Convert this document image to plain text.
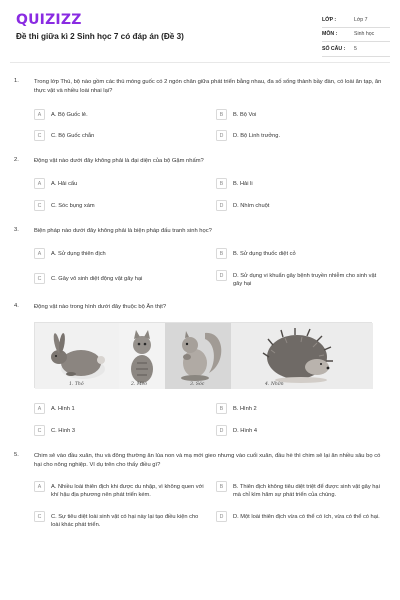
QUIZIZZ
Đề thi giữa kì 2 Sinh học 7 có đáp án (Đề 3)
LỚP :	Lớp 7
MÔN :	Sinh học
SỐ CÂU :	5
1.	Trong lớp Thú, bộ nào gồm các thú móng guốc có 2 ngón chân giữa phát triển bằng nhau, đa số sống thành bầy đàn, có loài ăn tạp, ăn thực vật và nhiều loài nhai lại?
A	A. Bộ Guốc lẻ.	B	B. Bộ Voi
C	C. Bộ Guốc chẵn	D	D. Bộ Linh trưởng.
2.	Động vật nào dưới đây không phải là đại diện của bộ Gặm nhấm?
A	A. Hải cẩu	B	B. Hải li
C	C. Sóc bụng xám	D	D. Nhím chuột
3.	Biện pháp nào dưới đây không phải là biện pháp đấu tranh sinh học?
A	A. Sử dụng thiên địch	B	B. Sử dụng thuốc diệt cỏ
C	C. Gây vô sinh diệt động vật gây hại	D	D. Sử dụng vi khuẩn gây bệnh truyền nhiễm cho sinh vật gây hại
4.	Động vật nào trong hình dưới đây thuộc bộ Ăn thịt?
1. Thỏ	2. Mèo	3. Sóc	4. Nhím
A	A. Hình 1	B	B. Hình 2
C	C. Hình 3	D	D. Hình 4
5.	Chim sẻ vào đầu xuân, thu và đông thường ăn lúa non và mạ mới gieo nhưng vào cuối xuân, đầu hè thì chim sẻ lại ăn nhiều sâu bọ có hại cho nông nghiệp. Ví dụ trên cho thấy điều gì?
A	A. Nhiều loài thiên địch khi được du nhập, vì không quen với khí hậu địa phương nên phát triển kém.
B	B. Thiên địch không tiêu diệt triệt để được sinh vật gây hại mà chỉ kìm hãm sự phát triển của chúng.
C	C. Sự tiêu diệt loài sinh vật có hại này lại tạo điều kiện cho loài khác phát triển.
D	D. Một loài thiên địch vừa có thể có ích, vừa có thể có hại.
